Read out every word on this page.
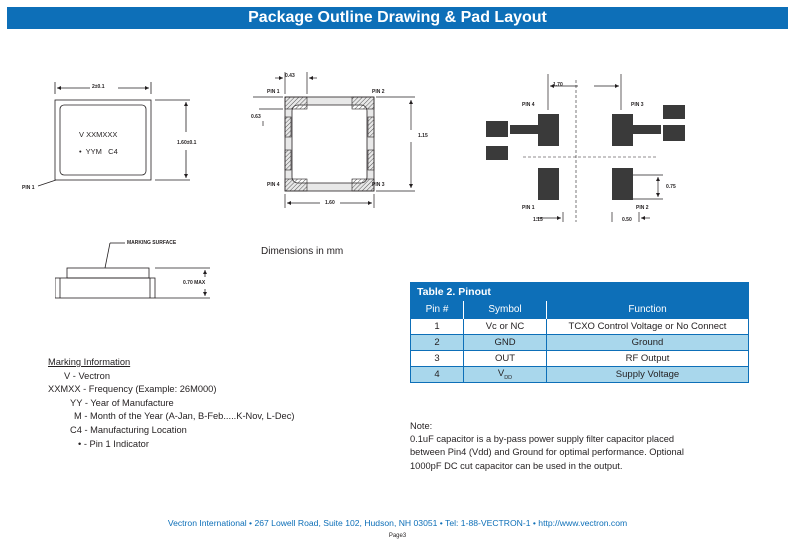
Package Outline Drawing & Pad Layout
2±0.1
1.60±0.1
V XXMXXX
•  YYM   C4
PIN 1
MARKING SURFACE
0.70 MAX
0.43
PIN 1	PIN 2
0.63
1.15
PIN 4	PIN 3
1.60
1.70
PIN 4	PIN 3
0.75
PIN 1	PIN 2
1.15	0.50
Dimensions in mm
Marking Information
V - Vectron
XXMXX - Frequency (Example: 26M000)
YY - Year of Manufacture
M - Month of the Year (A-Jan, B-Feb.....K-Nov, L-Dec)
C4 - Manufacturing Location
• - Pin 1 Indicator
Table 2. Pinout		
Pin #	Symbol	Function
1	Vc or NC	TCXO Control Voltage or No Connect
2	GND	Ground
3	OUT	RF Output
4	$V_{DD}$	Supply Voltage
Note:
0.1uF capacitor is a by-pass power supply filter capacitor placed between Pin4 (Vdd) and Ground for optimal performance. Optional 1000pF DC cut capacitor can be used in the output.
Vectron International • 267 Lowell Road, Suite 102, Hudson, NH 03051 • Tel: 1-88-VECTRON-1 • http://www.vectron.com
Page3
